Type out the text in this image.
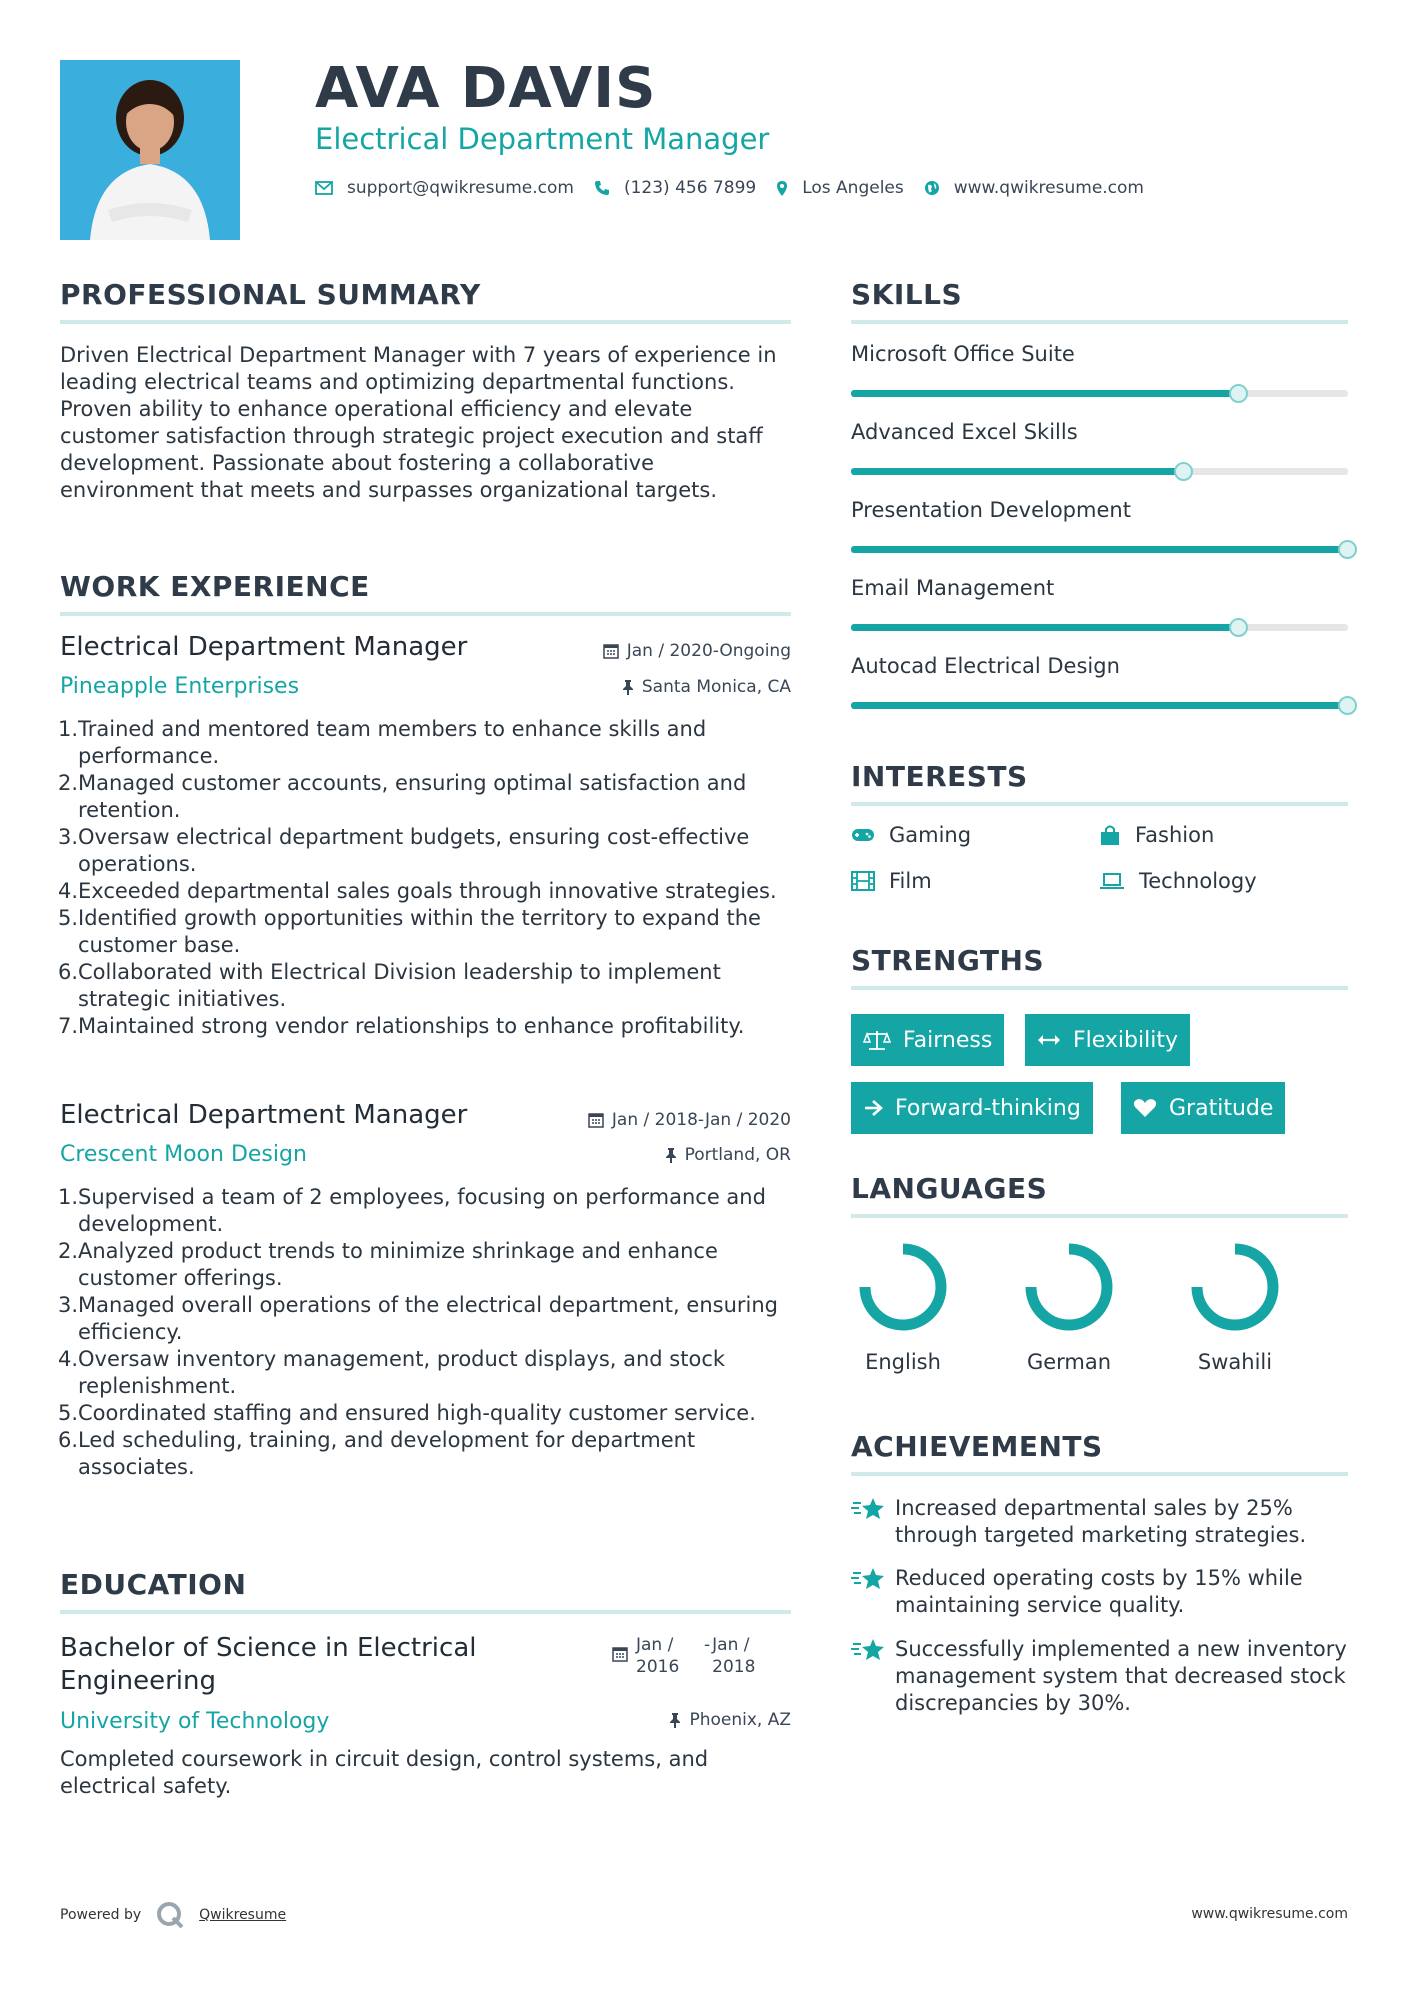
AVA DAVIS
Electrical Department Manager
support@qwikresume.com	(123) 456 7899	Los Angeles	www.qwikresume.com
PROFESSIONAL SUMMARY
Driven Electrical Department Manager with 7 years of experience in leading electrical teams and optimizing departmental functions. Proven ability to enhance operational efficiency and elevate customer satisfaction through strategic project execution and staff development. Passionate about fostering a collaborative environment that meets and surpasses organizational targets.
WORK EXPERIENCE
Electrical Department Manager	Jan / 2020-Ongoing
Pineapple Enterprises	Santa Monica, CA
1. Trained and mentored team members to enhance skills and performance.
2. Managed customer accounts, ensuring optimal satisfaction and retention.
3. Oversaw electrical department budgets, ensuring cost-effective operations.
4. Exceeded departmental sales goals through innovative strategies.
5. Identified growth opportunities within the territory to expand the customer base.
6. Collaborated with Electrical Division leadership to implement strategic initiatives.
7. Maintained strong vendor relationships to enhance profitability.
Electrical Department Manager	Jan / 2018-Jan / 2020
Crescent Moon Design	Portland, OR
1. Supervised a team of 2 employees, focusing on performance and development.
2. Analyzed product trends to minimize shrinkage and enhance customer offerings.
3. Managed overall operations of the electrical department, ensuring efficiency.
4. Oversaw inventory management, product displays, and stock replenishment.
5. Coordinated staffing and ensured high-quality customer service.
6. Led scheduling, training, and development for department associates.
EDUCATION
Bachelor of Science in Electrical Engineering
Jan / 2016
- Jan / 2018
University of Technology	Phoenix, AZ
Completed coursework in circuit design, control systems, and electrical safety.
SKILLS
Microsoft Office Suite
Advanced Excel Skills
Presentation Development
Email Management
Autocad Electrical Design
INTERESTS
Gaming	Fashion
Film	Technology
STRENGTHS
Fairness	Flexibility
Forward-thinking	Gratitude
LANGUAGES
English	German	Swahili
ACHIEVEMENTS
Increased departmental sales by 25% through targeted marketing strategies.
Reduced operating costs by 15% while maintaining service quality.
Successfully implemented a new inventory management system that decreased stock discrepancies by 30%.
Powered by	Qwikresume	www.qwikresume.com
